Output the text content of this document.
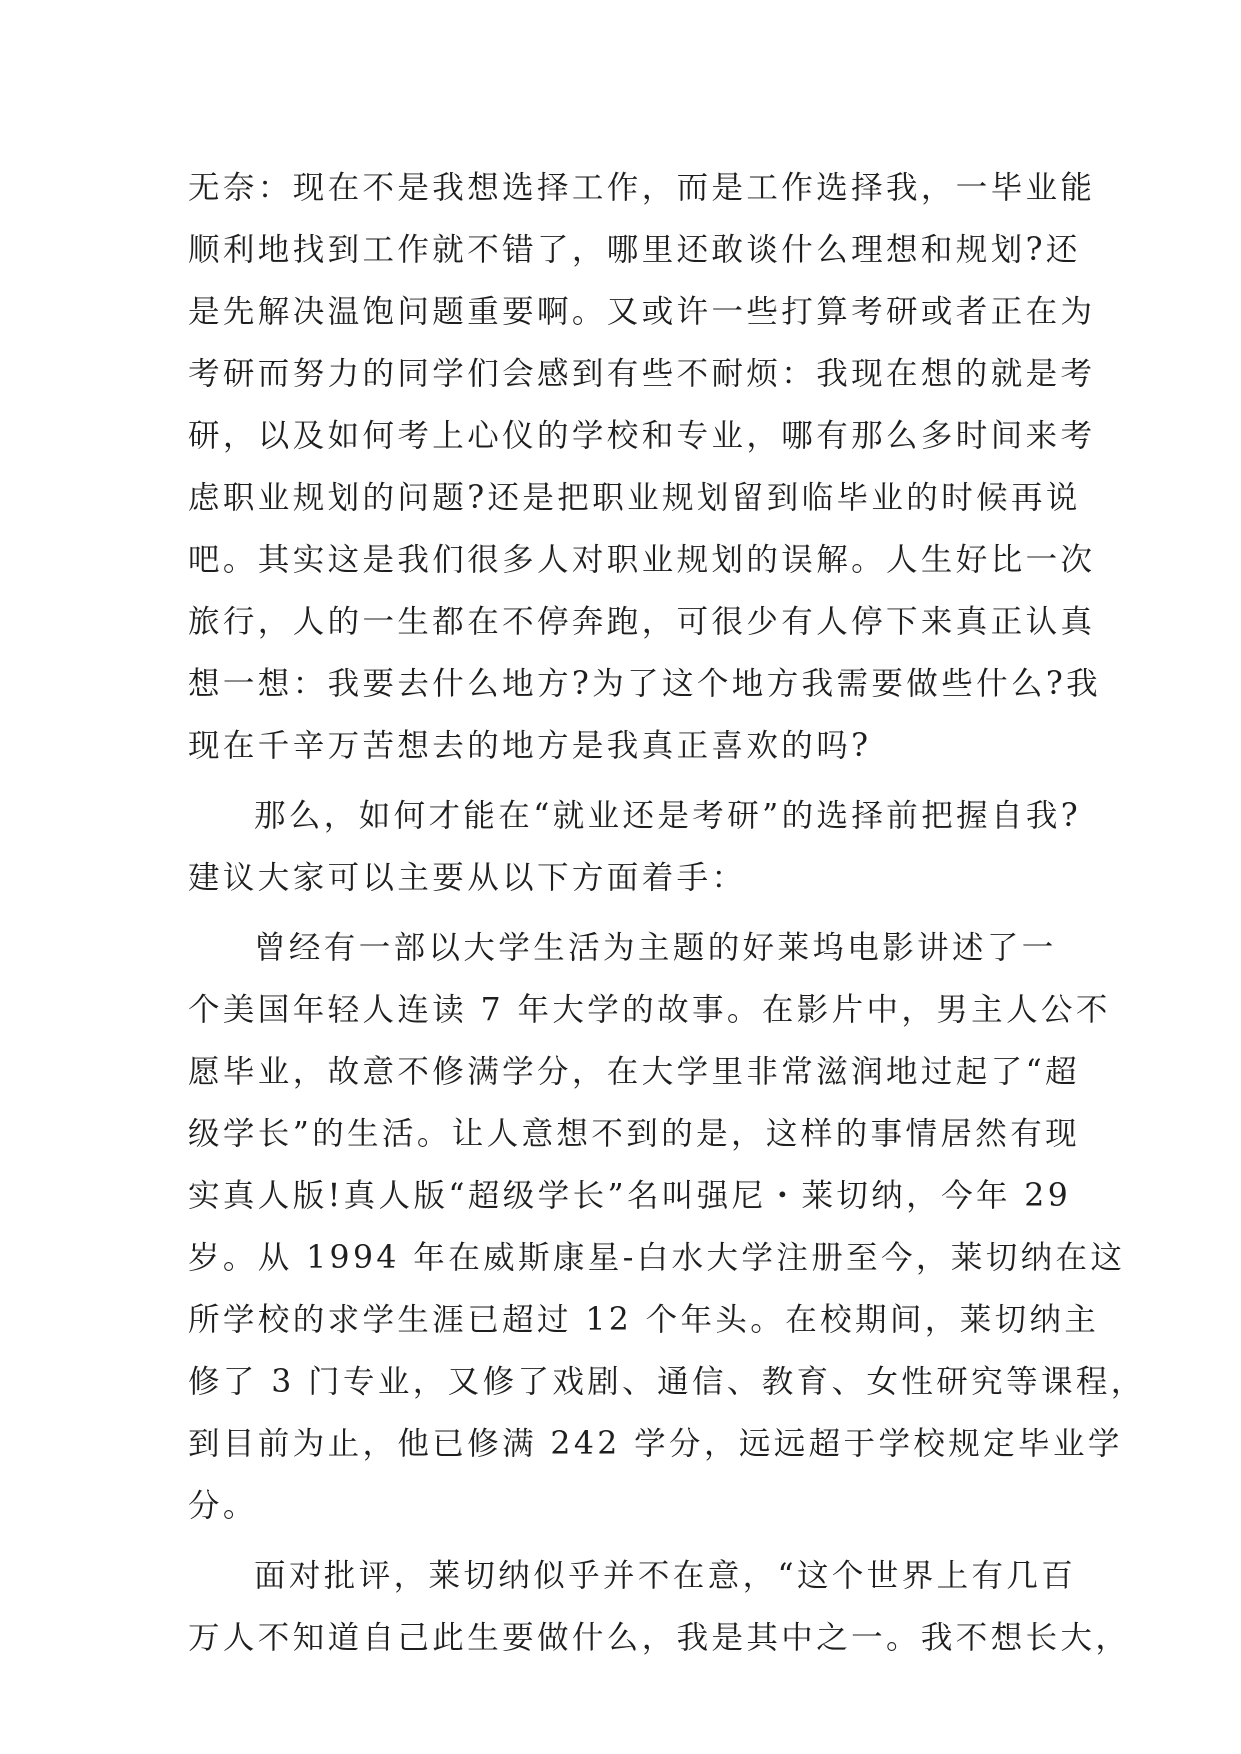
无奈：现在不是我想选择工作，而是工作选择我，一毕业能
顺利地找到工作就不错了，哪里还敢谈什么理想和规划?还
是先解决温饱问题重要啊。又或许一些打算考研或者正在为
考研而努力的同学们会感到有些不耐烦：我现在想的就是考
研，以及如何考上心仪的学校和专业，哪有那么多时间来考
虑职业规划的问题?还是把职业规划留到临毕业的时候再说
吧。其实这是我们很多人对职业规划的误解。人生好比一次
旅行，人的一生都在不停奔跑，可很少有人停下来真正认真
想一想：我要去什么地方?为了这个地方我需要做些什么?我
现在千辛万苦想去的地方是我真正喜欢的吗?
那么，如何才能在“就业还是考研”的选择前把握自我?
建议大家可以主要从以下方面着手：
曾经有一部以大学生活为主题的好莱坞电影讲述了一
个美国年轻人连读 7 年大学的故事。在影片中，男主人公不
愿毕业，故意不修满学分，在大学里非常滋润地过起了“超
级学长”的生活。让人意想不到的是，这样的事情居然有现
实真人版!真人版“超级学长”名叫强尼・莱切纳，今年 29
岁。从 1994 年在威斯康星-白水大学注册至今，莱切纳在这
所学校的求学生涯已超过 12 个年头。在校期间，莱切纳主
修了 3 门专业，又修了戏剧、通信、教育、女性研究等课程，
到目前为止，他已修满 242 学分，远远超于学校规定毕业学
分。
面对批评，莱切纳似乎并不在意，“这个世界上有几百
万人不知道自己此生要做什么，我是其中之一。我不想长大，
